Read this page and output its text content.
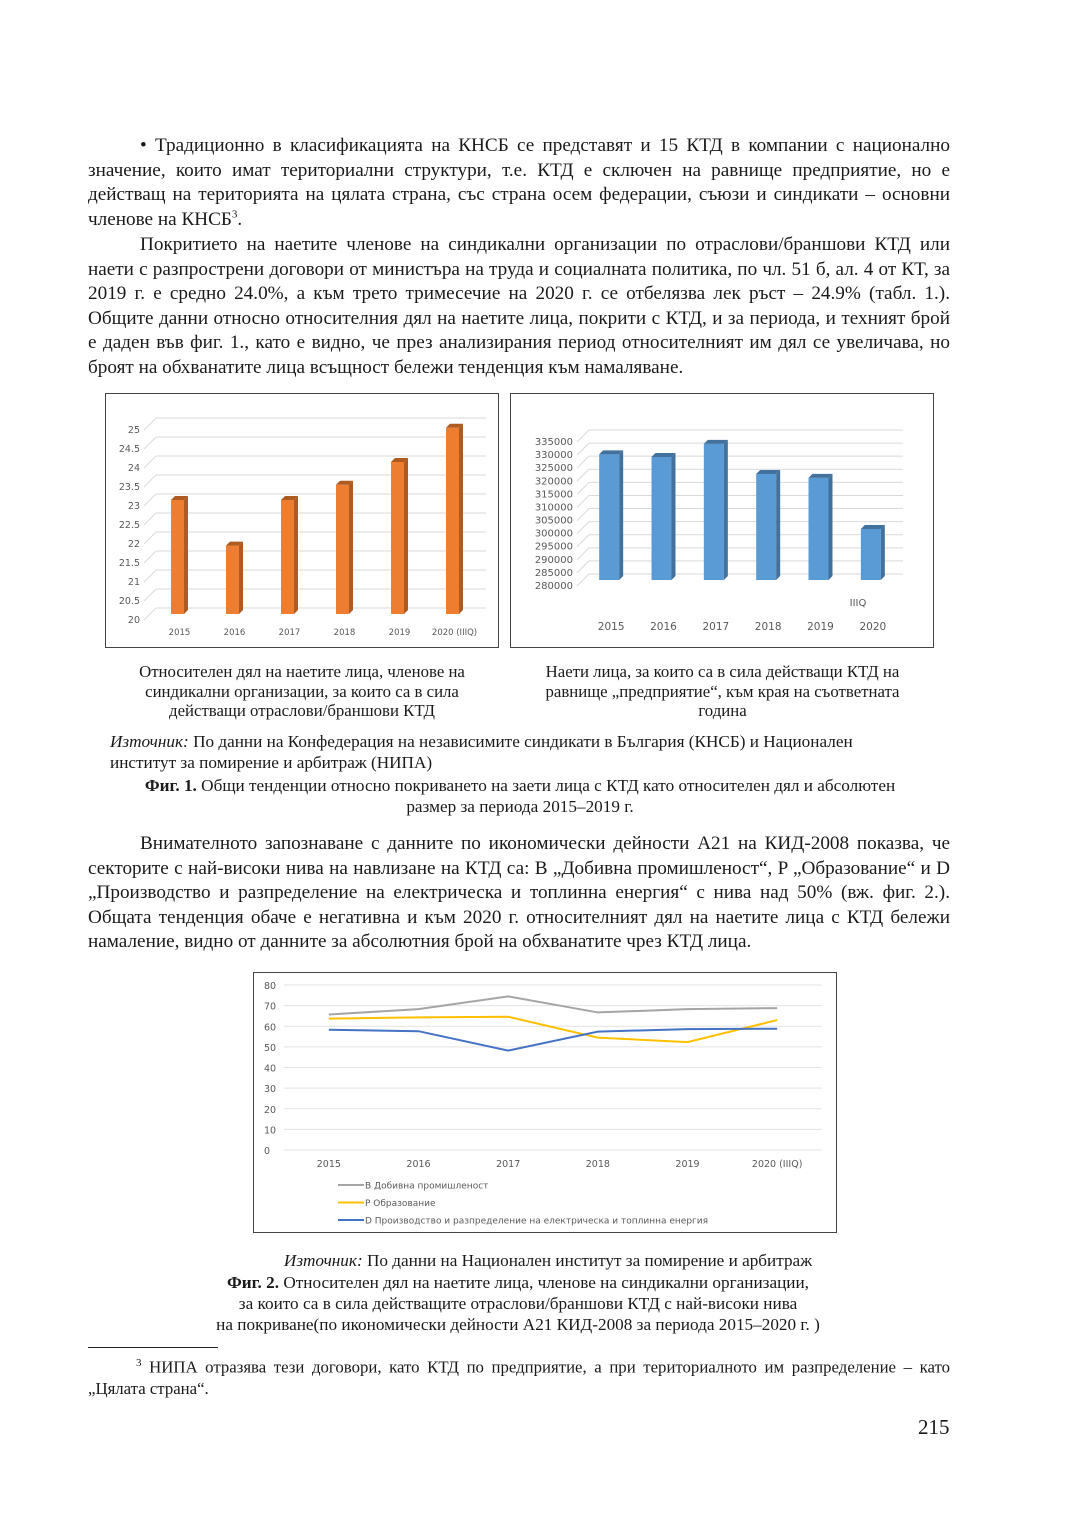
• Традиционно в класификацията на КНСБ се представят и 15 КТД в компании с национално значение, които имат териториални структури, т.е. КТД е сключен на равнище предприятие, но е действащ на територията на цялата страна, със страна осем федерации, съюзи и синдикати – основни членове на КНСБ$^3$.

Покритието на наетите членове на синдикални организации по отраслови/браншови КТД или наети с разпрострени договори от министъра на труда и социалната политика, по чл. 51 б, ал. 4 от КТ, за 2019 г. е средно 24.0%, а към трето тримесечие на 2020 г. се отбелязва лек ръст – 24.9% (табл. 1.). Общите данни относно относителния дял на наетите лица, покрити с КТД, и за периода, и техният брой е даден във фиг. 1., като е видно, че през анализирания период относителният им дял се увеличава, но броят на обхванатите лица всъщност бележи тенденция към намаляване.

20
20.5
21
21.5
22
22.5
23
23.5
24
24.5
25
2015	2016	2017	2018	2019	2020 (IIIQ)
280000
285000
290000
295000
300000
305000
310000
315000
320000
325000
330000
335000
2015 2016 2017 2018 2019 2020
IIIQ
Относителен дял на наетите лица, членове на синдикални организации, за които са в сила действащи отраслови/браншови КТД
Наети лица, за които са в сила действащи КТД на равнище „предприятие“, към края на съответната година
Източник: По данни на Конфедерация на независимите синдикати в България (КНСБ) и Национален институт за помирение и арбитраж (НИПА)
Фиг. 1. Общи тенденции относно покриването на заети лица с КТД като относителен дял и абсолютен размер за периода 2015–2019 г.

Внимателното запознаване с данните по икономически дейности А21 на КИД-2008 показва, че секторите с най-високи нива на навлизане на КТД са: B „Добивна промишленост“, P „Образование“ и D „Производство и разпределение на електрическа и топлинна енергия“ с нива над 50% (вж. фиг. 2.). Общата тенденция обаче е негативна и към 2020 г. относителният дял на наетите лица с КТД бележи намаление, видно от данните за абсолютния брой на обхванатите чрез КТД лица.

0
10
20
30
40
50
60
70
80
2015	2016	2017	2018	2019	2020 (IIIQ)
B Добивна промишленост
P Образование
D Производство и разпределение на електрическа и топлинна енергия
Източник: По данни на Национален институт за помирение и арбитраж
Фиг. 2. Относителен дял на наетите лица, членове на синдикални организации,
за които са в сила действащите отраслови/браншови КТД с най-високи нива
на покриване(по икономически дейности А21 КИД-2008 за периода 2015–2020 г. )
$^3$ НИПА отразява тези договори, като КТД по предприятие, а при териториалното им разпределение – като „Цялата страна“.
215
